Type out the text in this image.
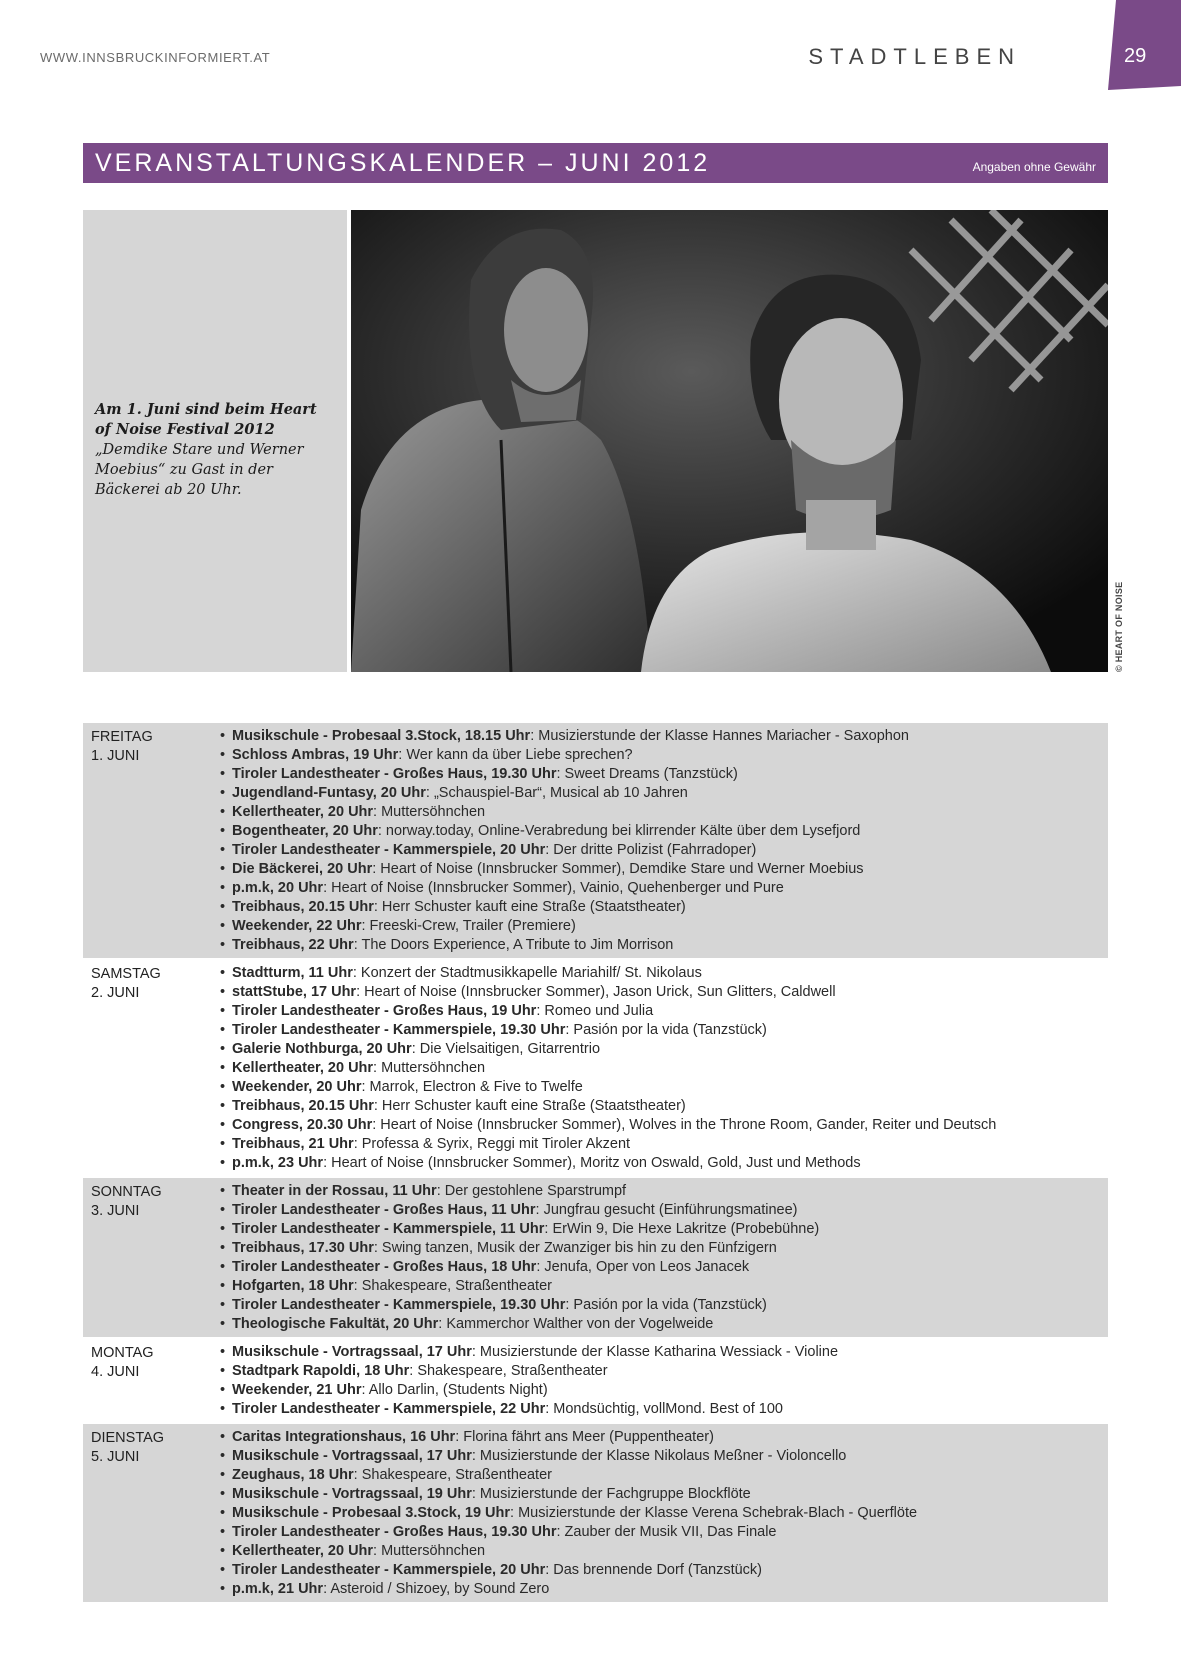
WWW.INNSBRUCKINFORMIERT.AT	STADTLEBEN	29
VERANSTALTUNGSKALENDER – JUNI 2012	Angaben ohne Gewähr
Am 1. Juni sind beim Heart of Noise Festival 2012 „Demdike Stare und Werner Moebius“ zu Gast in der Bäckerei ab 20 Uhr.
© HEART OF NOISE
FREITAG
1. JUNI
• Musikschule - Probesaal 3.Stock, 18.15 Uhr: Musizierstunde der Klasse Hannes Mariacher - Saxophon
• Schloss Ambras, 19 Uhr: Wer kann da über Liebe sprechen?
• Tiroler Landestheater - Großes Haus, 19.30 Uhr: Sweet Dreams (Tanzstück)
• Jugendland-Funtasy, 20 Uhr: „Schauspiel-Bar“, Musical ab 10 Jahren
• Kellertheater, 20 Uhr: Muttersöhnchen
• Bogentheater, 20 Uhr: norway.today, Online-Verabredung bei klirrender Kälte über dem Lysefjord
• Tiroler Landestheater - Kammerspiele, 20 Uhr: Der dritte Polizist (Fahrradoper)
• Die Bäckerei, 20 Uhr: Heart of Noise (Innsbrucker Sommer), Demdike Stare und Werner Moebius
• p.m.k, 20 Uhr: Heart of Noise (Innsbrucker Sommer), Vainio, Quehenberger und Pure
• Treibhaus, 20.15 Uhr: Herr Schuster kauft eine Straße (Staatstheater)
• Weekender, 22 Uhr: Freeski-Crew, Trailer (Premiere)
• Treibhaus, 22 Uhr: The Doors Experience, A Tribute to Jim Morrison
SAMSTAG
2. JUNI
• Stadtturm, 11 Uhr: Konzert der Stadtmusikkapelle Mariahilf/ St. Nikolaus
• stattStube, 17 Uhr: Heart of Noise (Innsbrucker Sommer), Jason Urick, Sun Glitters, Caldwell
• Tiroler Landestheater - Großes Haus, 19 Uhr: Romeo und Julia
• Tiroler Landestheater - Kammerspiele, 19.30 Uhr: Pasión por la vida (Tanzstück)
• Galerie Nothburga, 20 Uhr: Die Vielsaitigen, Gitarrentrio
• Kellertheater, 20 Uhr: Muttersöhnchen
• Weekender, 20 Uhr: Marrok, Electron & Five to Twelfe
• Treibhaus, 20.15 Uhr: Herr Schuster kauft eine Straße (Staatstheater)
• Congress, 20.30 Uhr: Heart of Noise (Innsbrucker Sommer), Wolves in the Throne Room, Gander, Reiter und Deutsch
• Treibhaus, 21 Uhr: Professa & Syrix, Reggi mit Tiroler Akzent
• p.m.k, 23 Uhr: Heart of Noise (Innsbrucker Sommer), Moritz von Oswald, Gold, Just und Methods
SONNTAG
3. JUNI
• Theater in der Rossau, 11 Uhr: Der gestohlene Sparstrumpf
• Tiroler Landestheater - Großes Haus, 11 Uhr: Jungfrau gesucht (Einführungsmatinee)
• Tiroler Landestheater - Kammerspiele, 11 Uhr: ErWin 9, Die Hexe Lakritze (Probebühne)
• Treibhaus, 17.30 Uhr: Swing tanzen, Musik der Zwanziger bis hin zu den Fünfzigern
• Tiroler Landestheater - Großes Haus, 18 Uhr: Jenufa, Oper von Leos Janacek
• Hofgarten, 18 Uhr: Shakespeare, Straßentheater
• Tiroler Landestheater - Kammerspiele, 19.30 Uhr: Pasión por la vida (Tanzstück)
• Theologische Fakultät, 20 Uhr: Kammerchor Walther von der Vogelweide
MONTAG
4. JUNI
• Musikschule - Vortragssaal, 17 Uhr: Musizierstunde der Klasse Katharina Wessiack - Violine
• Stadtpark Rapoldi, 18 Uhr: Shakespeare, Straßentheater
• Weekender, 21 Uhr: Allo Darlin, (Students Night)
• Tiroler Landestheater - Kammerspiele, 22 Uhr: Mondsüchtig, vollMond. Best of 100
DIENSTAG
5. JUNI
• Caritas Integrationshaus, 16 Uhr: Florina fährt ans Meer (Puppentheater)
• Musikschule - Vortragssaal, 17 Uhr: Musizierstunde der Klasse Nikolaus Meßner - Violoncello
• Zeughaus, 18 Uhr: Shakespeare, Straßentheater
• Musikschule - Vortragssaal, 19 Uhr: Musizierstunde der Fachgruppe Blockflöte
• Musikschule - Probesaal 3.Stock, 19 Uhr: Musizierstunde der Klasse Verena Schebrak-Blach - Querflöte
• Tiroler Landestheater - Großes Haus, 19.30 Uhr: Zauber der Musik VII, Das Finale
• Kellertheater, 20 Uhr: Muttersöhnchen
• Tiroler Landestheater - Kammerspiele, 20 Uhr: Das brennende Dorf (Tanzstück)
• p.m.k, 21 Uhr: Asteroid / Shizoey, by Sound Zero
